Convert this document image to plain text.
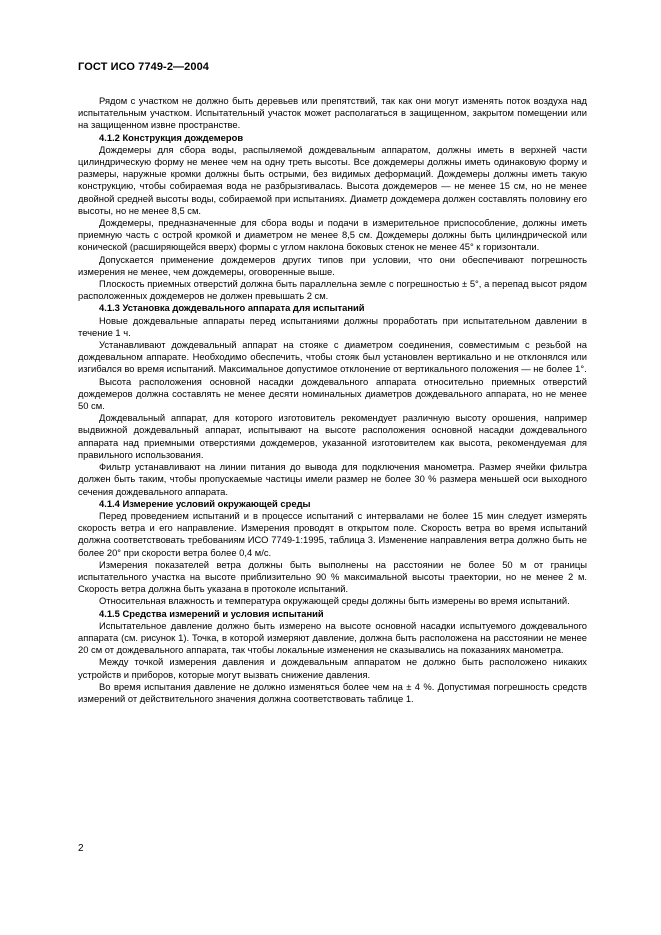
ГОСТ ИСО 7749-2—2004

Рядом с участком не должно быть деревьев или препятствий, так как они могут изменять поток воздуха над испытательным участком. Испытательный участок может располагаться в защищенном, закрытом помещении или на защищенном извне пространстве.

4.1.2 Конструкция дождемеров

Дождемеры для сбора воды, распыляемой дождевальным аппаратом, должны иметь в верхней части цилиндрическую форму не менее чем на одну треть высоты. Все дождемеры должны иметь одинаковую форму и размеры, наружные кромки должны быть острыми, без видимых деформаций. Дождемеры должны иметь такую конструкцию, чтобы собираемая вода не разбрызгивалась. Высота дождемеров — не менее 15 см, но не менее двойной средней высоты воды, собираемой при испытаниях. Диаметр дождемера должен составлять половину его высоты, но не менее 8,5 см.

Дождемеры, предназначенные для сбора воды и подачи в измерительное приспособление, должны иметь приемную часть с острой кромкой и диаметром не менее 8,5 см. Дождемеры должны быть цилиндрической или конической (расширяющейся вверх) формы с углом наклона боковых стенок не менее 45° к горизонтали.

Допускается применение дождемеров других типов при условии, что они обеспечивают погрешность измерения не менее, чем дождемеры, оговоренные выше.

Плоскость приемных отверстий должна быть параллельна земле с погрешностью ± 5°, а перепад высот рядом расположенных дождемеров не должен превышать 2 см.

4.1.3 Установка дождевального аппарата для испытаний

Новые дождевальные аппараты перед испытаниями должны проработать при испытательном давлении в течение 1 ч.

Устанавливают дождевальный аппарат на стояке с диаметром соединения, совместимым с резьбой на дождевальном аппарате. Необходимо обеспечить, чтобы стояк был установлен вертикально и не отклонялся или изгибался во время испытаний. Максимальное допустимое отклонение от вертикального положения — не более 1°.

Высота расположения основной насадки дождевального аппарата относительно приемных отверстий дождемеров должна составлять не менее десяти номинальных диаметров дождевального аппарата, но не менее 50 см.

Дождевальный аппарат, для которого изготовитель рекомендует различную высоту орошения, например выдвижной дождевальный аппарат, испытывают на высоте расположения основной насадки дождевального аппарата над приемными отверстиями дождемеров, указанной изготовителем как высота, рекомендуемая для правильного использования.

Фильтр устанавливают на линии питания до вывода для подключения манометра. Размер ячейки фильтра должен быть таким, чтобы пропускаемые частицы имели размер не более 30 % размера меньшей оси выходного сечения дождевального аппарата.

4.1.4 Измерение условий окружающей среды

Перед проведением испытаний и в процессе испытаний с интервалами не более 15 мин следует измерять скорость ветра и его направление. Измерения проводят в открытом поле. Скорость ветра во время испытаний должна соответствовать требованиям ИСО 7749-1:1995, таблица 3. Изменение направления ветра должно быть не более 20° при скорости ветра более 0,4 м/с.

Измерения показателей ветра должны быть выполнены на расстоянии не более 50 м от границы испытательного участка на высоте приблизительно 90 % максимальной высоты траектории, но не менее 2 м. Скорость ветра должна быть указана в протоколе испытаний.

Относительная влажность и температура окружающей среды должны быть измерены во время испытаний.

4.1.5 Средства измерений и условия испытаний

Испытательное давление должно быть измерено на высоте основной насадки испытуемого дождевального аппарата (см. рисунок 1). Точка, в которой измеряют давление, должна быть расположена на расстоянии не менее 20 см от дождевального аппарата, так чтобы локальные изменения не сказывались на показаниях манометра.

Между точкой измерения давления и дождевальным аппаратом не должно быть расположено никаких устройств и приборов, которые могут вызвать снижение давления.

Во время испытания давление не должно изменяться более чем на ± 4 %. Допустимая погрешность средств измерений от действительного значения должна соответствовать таблице 1.

2
